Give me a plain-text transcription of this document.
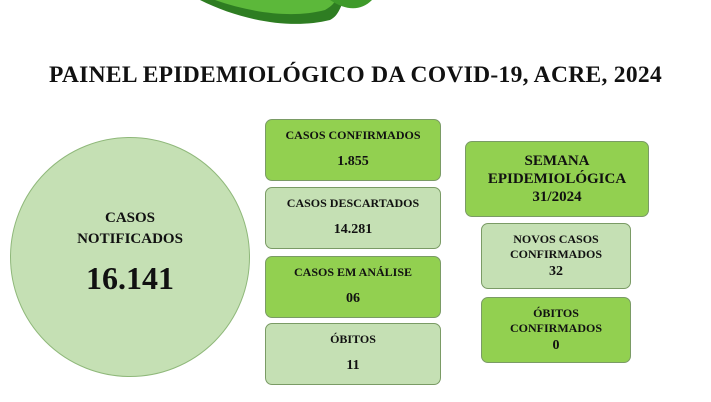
PAINEL EPIDEMIOLÓGICO DA COVID-19, ACRE, 2024
CASOS
NOTIFICADOS
16.141
CASOS CONFIRMADOS
1.855
CASOS DESCARTADOS
14.281
CASOS EM ANÁLISE
06
ÓBITOS
11
SEMANA
EPIDEMIOLÓGICA
31/2024
NOVOS CASOS
CONFIRMADOS
32
ÓBITOS
CONFIRMADOS
0
